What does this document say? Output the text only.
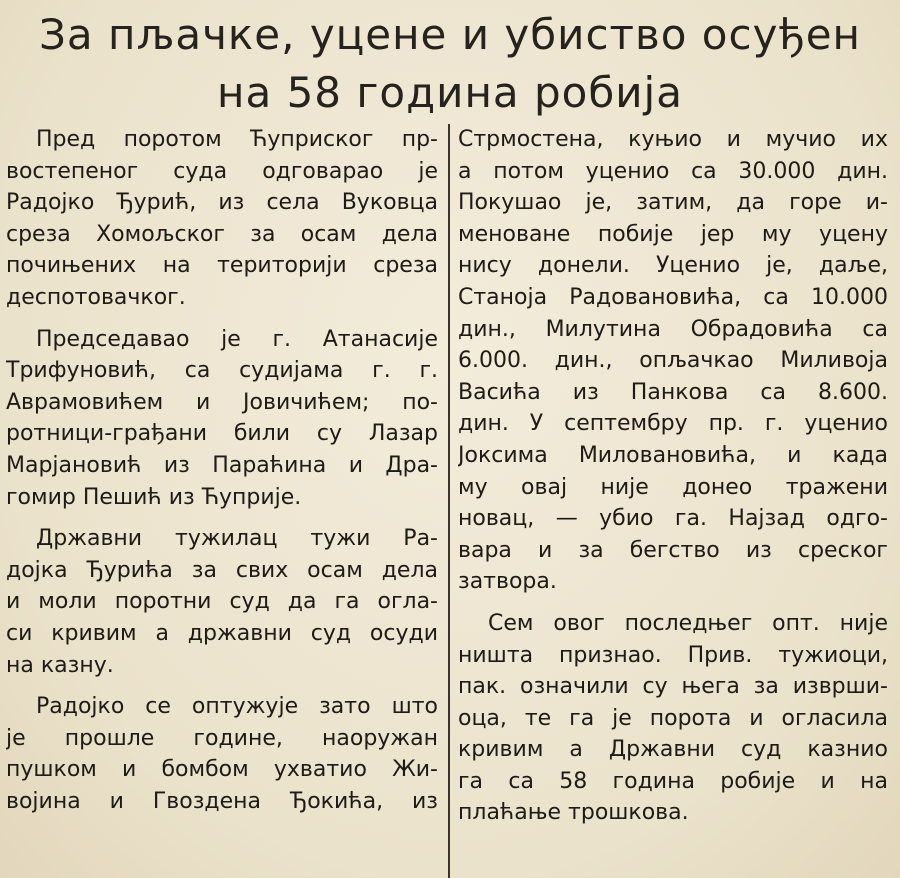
За пљачке, уцене и убиство осуђен
на 58 година робија
Пред поротом Ћуприског пр-
востепеног суда одговарао је
Радојко Ђурић, из села Вуковца
среза Хомољског за осам дела
почињених на територији среза
деспотовачког.
Председавао је г. Атанасије
Трифуновић, са судијама г. г.
Аврамовићем и Јовичићем; по-
ротници-грађани били су Лазар
Марјановић из Параћина и Дра-
гомир Пешић из Ћуприје.
Државни тужилац тужи Ра-
дојка Ђурића за свих осам дела
и моли поротни суд да га огла-
си кривим а државни суд осуди
на казну.
Радојко се оптужује зато што
је прошле године, наоружан
пушком и бомбом ухватио Жи-
војина и Гвоздена Ђокића, из
Стрмостена, куњио и мучио их
а потом уценио са 30.000 дин.
Покушао је, затим, да горе и-
меноване побије јер му уцену
нису донели. Уценио је, даље,
Станоја Радовановића, са 10.000
дин., Милутина Обрадовића са
6.000. дин., опљачкао Миливоја
Васића из Панкова са 8.600.
дин. У септембру пр. г. уценио
Јоксима Миловановића, и када
му овај није донео тражени
новац, — убио га. Најзад одго-
вара и за бегство из среског
затвора.
Сем овог последњег опт. није
ништа признао. Прив. тужиоци,
пак. означили су њега за изврши-
оца, те га је порота и огласила
кривим а Државни суд казнио
га са 58 година робије и на
плаћање трошкова.
